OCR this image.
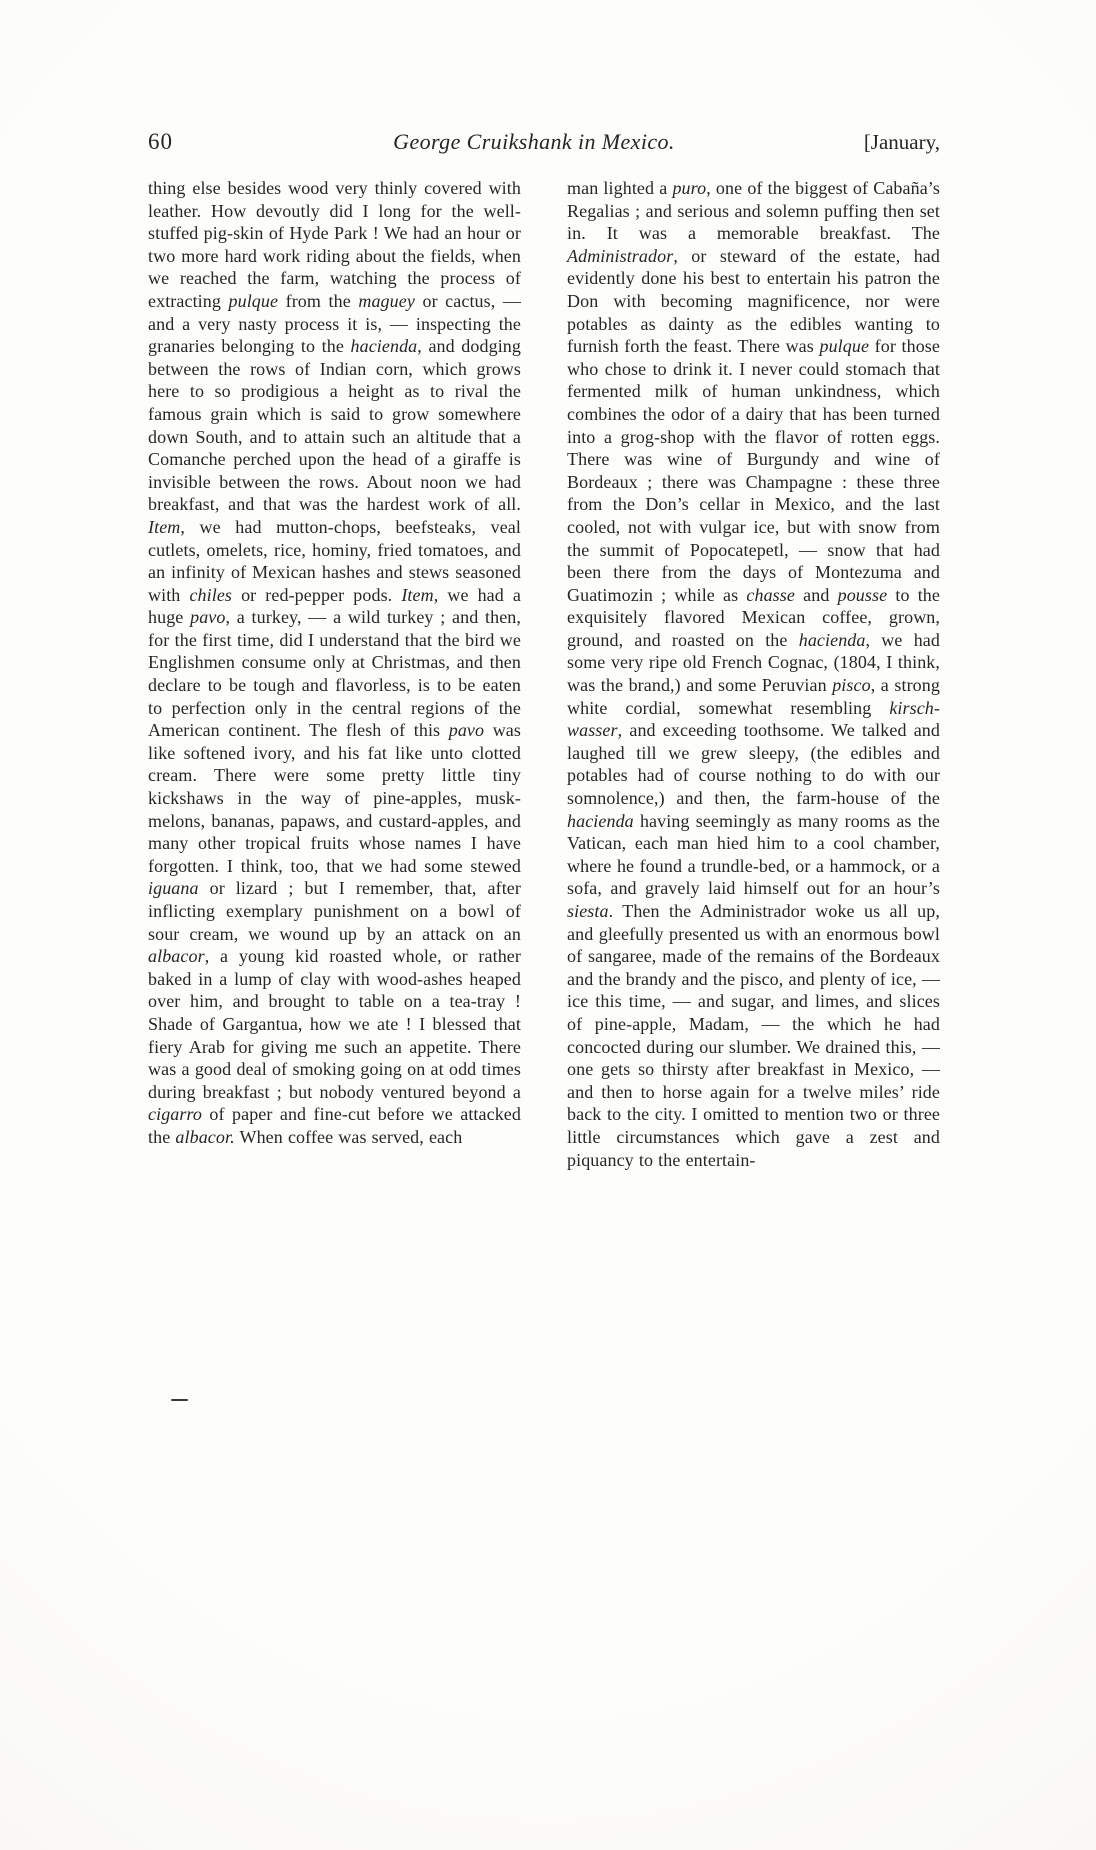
60	George Cruikshank in Mexico.	[January,
thing else besides wood very thinly covered with leather. How devoutly did I long for the well-stuffed pig-skin of Hyde Park ! We had an hour or two more hard work riding about the fields, when we reached the farm, watching the process of extracting pulque from the maguey or cactus, — and a very nasty process it is, — inspecting the granaries belonging to the hacienda, and dodging between the rows of Indian corn, which grows here to so prodigious a height as to rival the famous grain which is said to grow somewhere down South, and to attain such an altitude that a Comanche perched upon the head of a giraffe is invisible between the rows. About noon we had breakfast, and that was the hardest work of all. Item, we had mutton-chops, beefsteaks, veal cutlets, omelets, rice, hominy, fried tomatoes, and an infinity of Mexican hashes and stews seasoned with chiles or red-pepper pods. Item, we had a huge pavo, a turkey, — a wild turkey ; and then, for the first time, did I understand that the bird we Englishmen consume only at Christmas, and then declare to be tough and flavorless, is to be eaten to perfection only in the central regions of the American continent. The flesh of this pavo was like softened ivory, and his fat like unto clotted cream. There were some pretty little tiny kickshaws in the way of pine-apples, musk-melons, bananas, papaws, and custard-apples, and many other tropical fruits whose names I have forgotten. I think, too, that we had some stewed iguana or lizard ; but I remember, that, after inflicting exemplary punishment on a bowl of sour cream, we wound up by an attack on an albacor, a young kid roasted whole, or rather baked in a lump of clay with wood-ashes heaped over him, and brought to table on a tea-tray ! Shade of Gargantua, how we ate ! I blessed that fiery Arab for giving me such an appetite. There was a good deal of smoking going on at odd times during breakfast ; but nobody ventured beyond a cigarro of paper and fine-cut before we attacked the albacor. When coffee was served, each
man lighted a puro, one of the biggest of Cabaña’s Regalias ; and serious and solemn puffing then set in. It was a memorable breakfast. The Administrador, or steward of the estate, had evidently done his best to entertain his patron the Don with becoming magnificence, nor were potables as dainty as the edibles wanting to furnish forth the feast. There was pulque for those who chose to drink it. I never could stomach that fermented milk of human unkindness, which combines the odor of a dairy that has been turned into a grog-shop with the flavor of rotten eggs. There was wine of Burgundy and wine of Bordeaux ; there was Champagne : these three from the Don’s cellar in Mexico, and the last cooled, not with vulgar ice, but with snow from the summit of Popocatepetl, — snow that had been there from the days of Montezuma and Guatimozin ; while as chasse and pousse to the exquisitely flavored Mexican coffee, grown, ground, and roasted on the hacienda, we had some very ripe old French Cognac, (1804, I think, was the brand,) and some Peruvian pisco, a strong white cordial, somewhat resembling kirsch-wasser, and exceeding toothsome. We talked and laughed till we grew sleepy, (the edibles and potables had of course nothing to do with our somnolence,) and then, the farm-house of the hacienda having seemingly as many rooms as the Vatican, each man hied him to a cool chamber, where he found a trundle-bed, or a hammock, or a sofa, and gravely laid himself out for an hour’s siesta. Then the Administrador woke us all up, and gleefully presented us with an enormous bowl of sangaree, made of the remains of the Bordeaux and the brandy and the pisco, and plenty of ice, — ice this time, — and sugar, and limes, and slices of pine-apple, Madam, — the which he had concocted during our slumber. We drained this, — one gets so thirsty after breakfast in Mexico, — and then to horse again for a twelve miles’ ride back to the city. I omitted to mention two or three little circumstances which gave a zest and piquancy to the entertain-
